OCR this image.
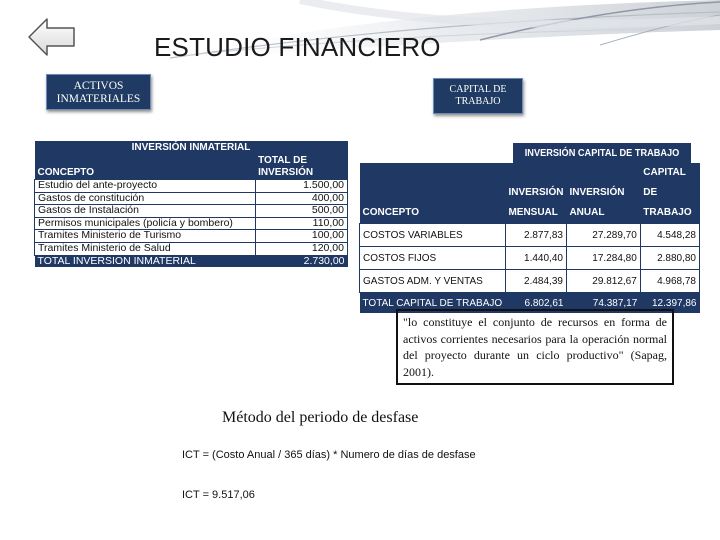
ESTUDIO FINANCIERO
ACTIVOS INMATERIALES
CAPITAL DE TRABAJO
INVERSIÓN INMATERIAL	
CONCEPTO	TOTAL DE INVERSIÓN
Estudio del ante-proyecto	1.500,00
Gastos de constitución	400,00
Gastos de Instalación	500,00
Permisos municipales (policía y bombero)	110,00
Tramites Ministerio de Turismo	100,00
Tramites Ministerio de Salud	120,00
TOTAL INVERSION INMATERIAL	2.730,00
	INVERSIÓN CAPITAL DE TRABAJO		
CONCEPTO	INVERSIÓN MENSUAL	INVERSIÓN ANUAL	CAPITAL DE TRABAJO
COSTOS VARIABLES	2.877,83	27.289,70	4.548,28
COSTOS FIJOS	1.440,40	17.284,80	2.880,80
GASTOS ADM. Y VENTAS	2.484,39	29.812,67	4.968,78
TOTAL CAPITAL DE TRABAJO	6.802,61	74.387,17	12.397,86
"lo constituye el conjunto de recursos en forma de activos corrientes necesarios para la operación normal del proyecto durante un ciclo productivo" (Sapag, 2001).
Método del periodo de desfase
ICT = (Costo Anual / 365 días) * Numero de días de desfase
ICT = 9.517,06
